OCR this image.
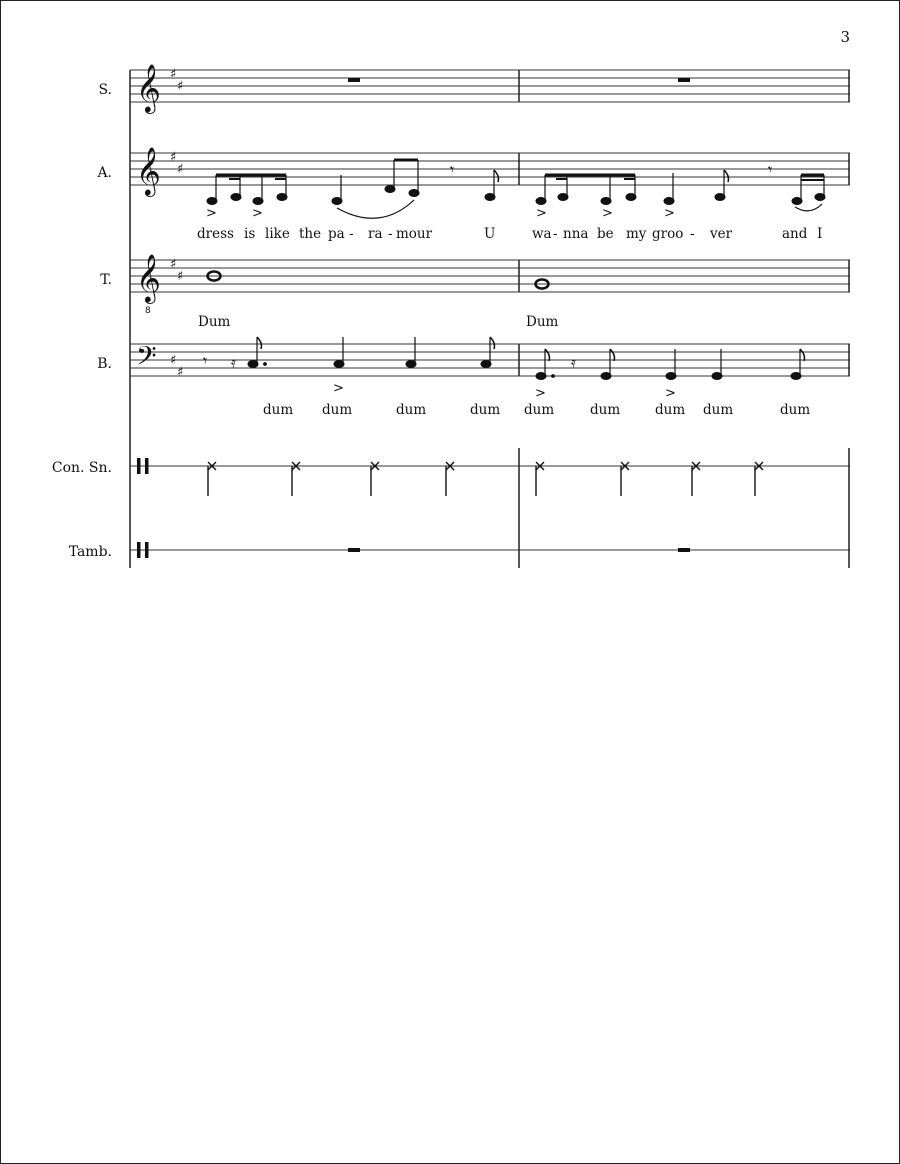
3
S. 𝄞 ♯
♯
A. 𝄞 ♯
♯	𝄾
>	>	>	>	>
𝄾
dress is like the pa - ra - mour	U	wa - nna be my groo - ver	and I
T. 𝄞
8
♯
♯
Dum	Dum
B. 𝄢 ♯
♯
𝄾 𝄿	𝄿
>	>	>
dum dum	dum	dum dum	dum	dum dum	dum
Con. Sn.
Tamb.
